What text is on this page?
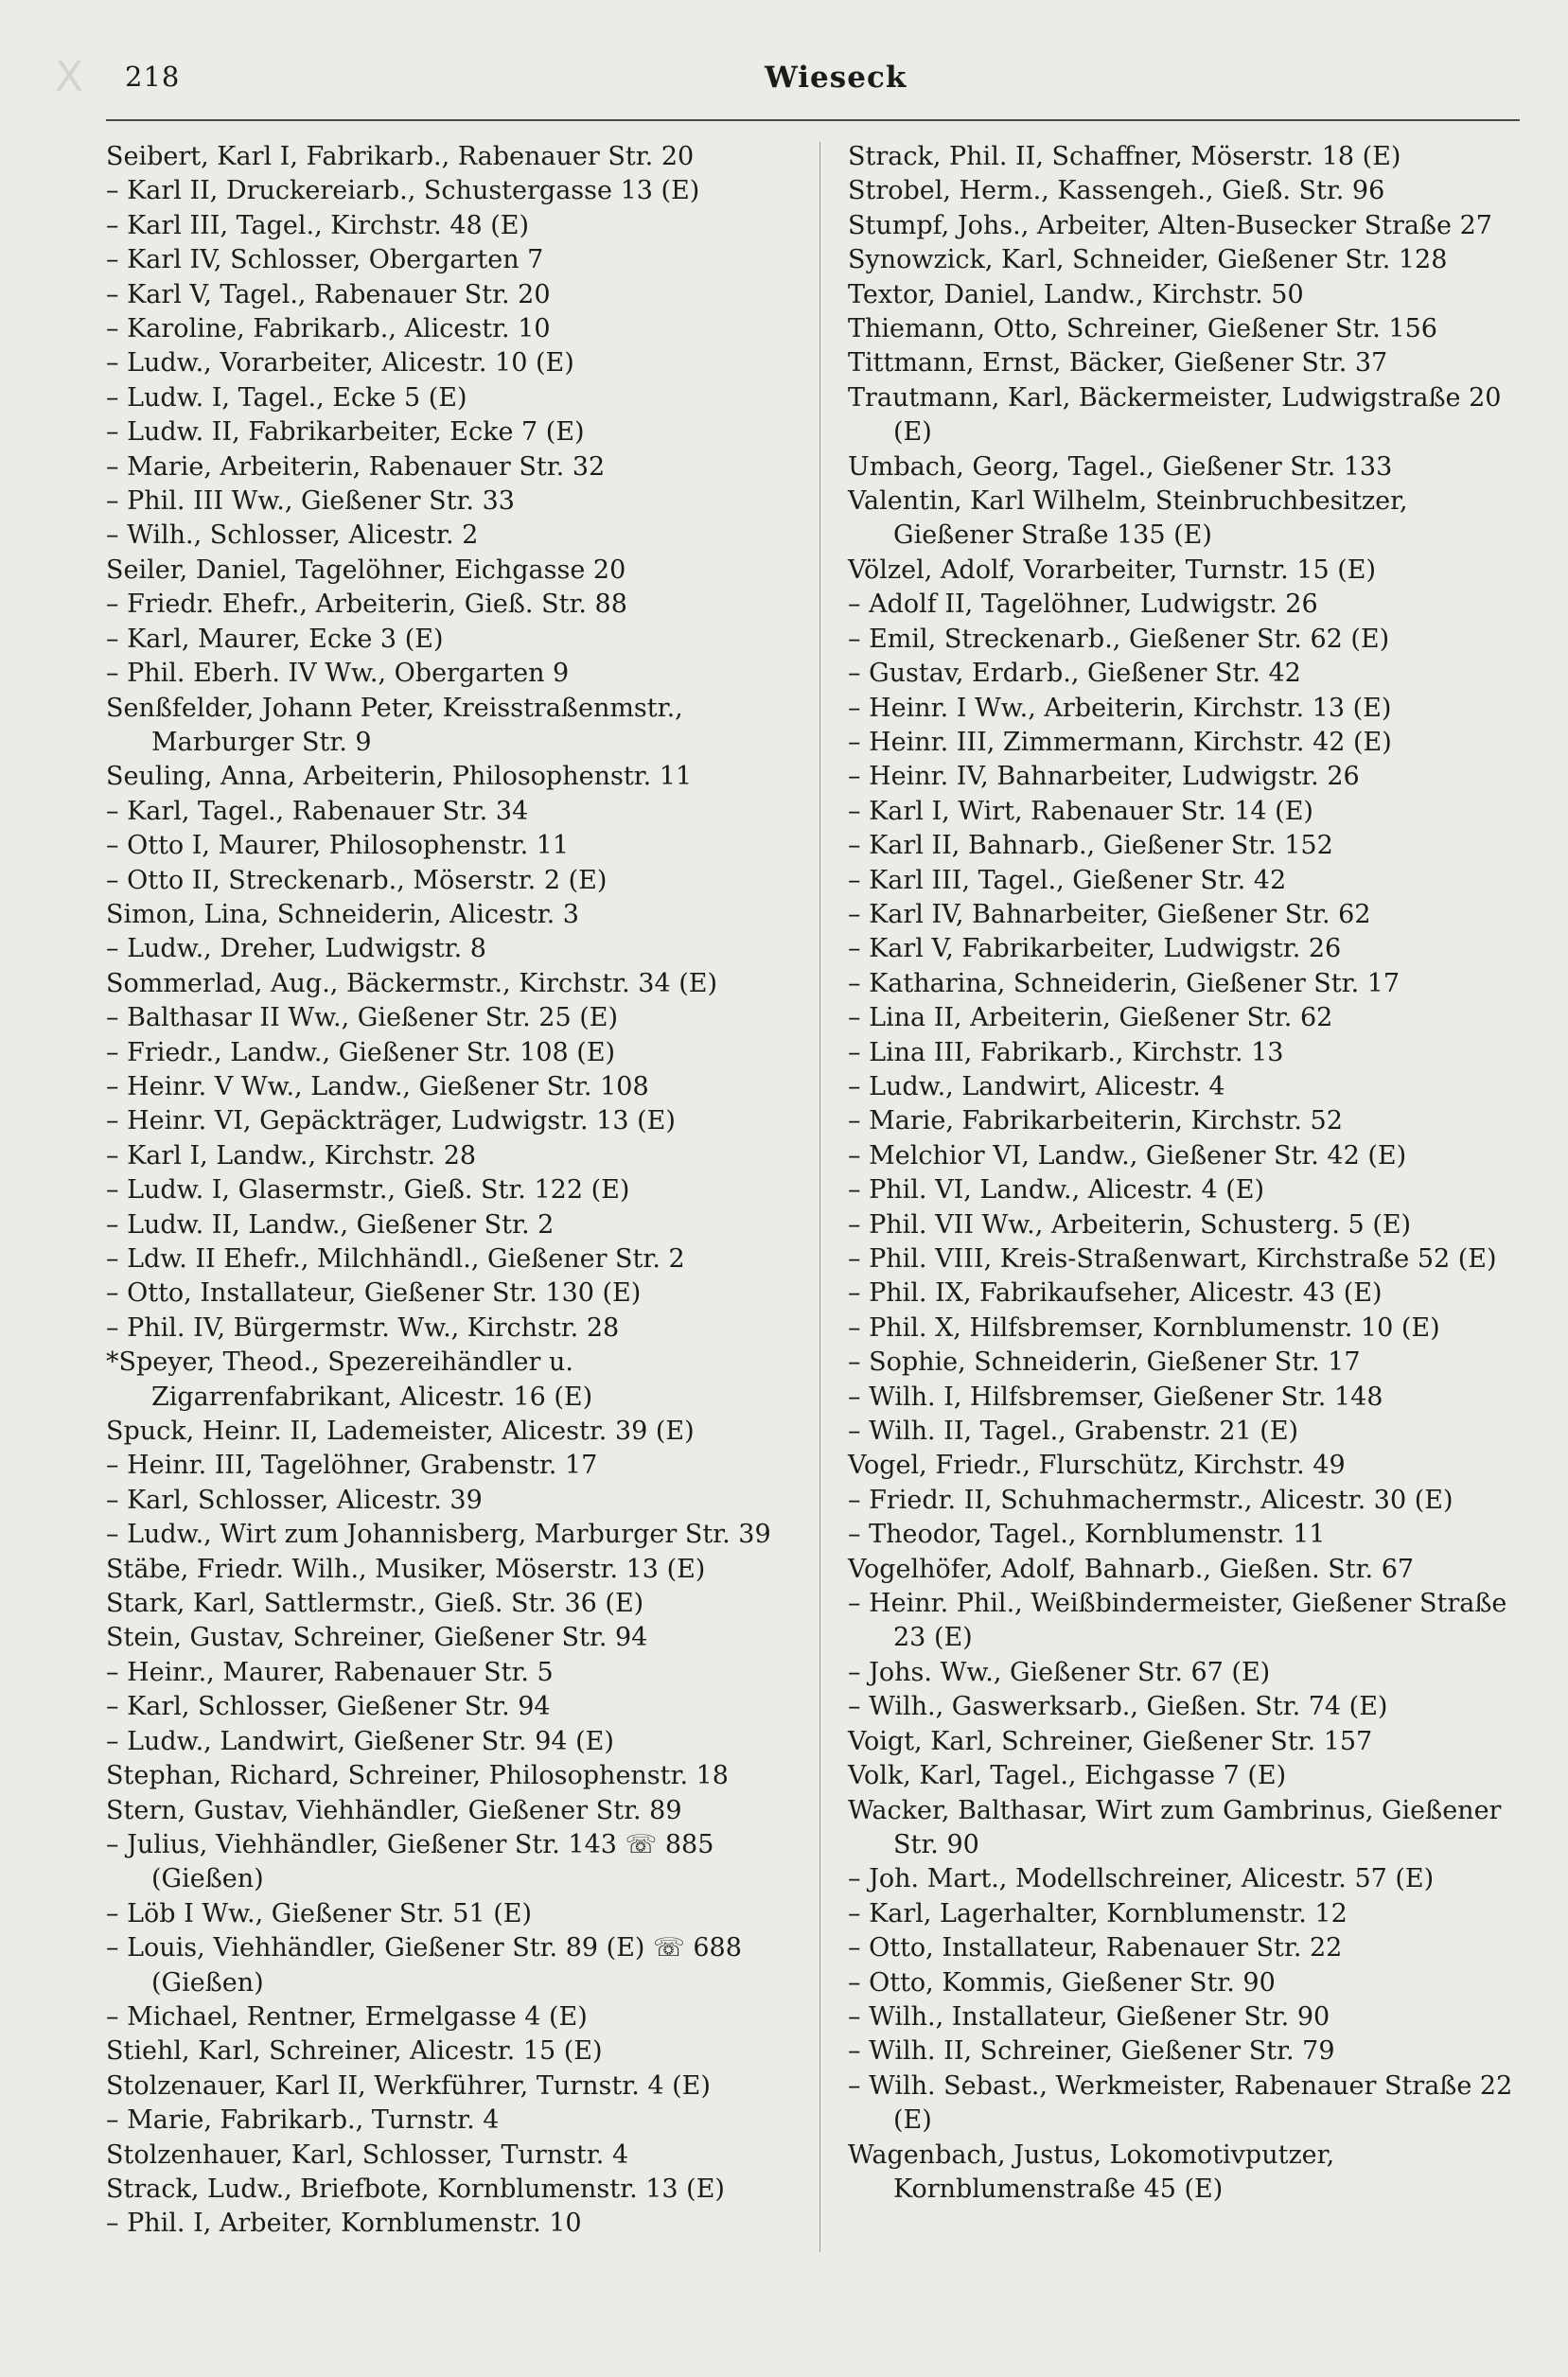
X 218	Wieseck
Seibert, Karl I, Fabrikarb., Rabenauer Str. 20
– Karl II, Druckereiarb., Schustergasse 13 (E)
– Karl III, Tagel., Kirchstr. 48 (E)
– Karl IV, Schlosser, Obergarten 7
– Karl V, Tagel., Rabenauer Str. 20
– Karoline, Fabrikarb., Alicestr. 10
– Ludw., Vorarbeiter, Alicestr. 10 (E)
– Ludw. I, Tagel., Ecke 5 (E)
– Ludw. II, Fabrikarbeiter, Ecke 7 (E)
– Marie, Arbeiterin, Rabenauer Str. 32
– Phil. III Ww., Gießener Str. 33
– Wilh., Schlosser, Alicestr. 2
Seiler, Daniel, Tagelöhner, Eichgasse 20
– Friedr. Ehefr., Arbeiterin, Gieß. Str. 88
– Karl, Maurer, Ecke 3 (E)
– Phil. Eberh. IV Ww., Obergarten 9
Senßfelder, Johann Peter, Kreisstraßenmstr., Marburger Str. 9
Seuling, Anna, Arbeiterin, Philosophenstr. 11
– Karl, Tagel., Rabenauer Str. 34
– Otto I, Maurer, Philosophenstr. 11
– Otto II, Streckenarb., Möserstr. 2 (E)
Simon, Lina, Schneiderin, Alicestr. 3
– Ludw., Dreher, Ludwigstr. 8
Sommerlad, Aug., Bäckermstr., Kirchstr. 34 (E)
– Balthasar II Ww., Gießener Str. 25 (E)
– Friedr., Landw., Gießener Str. 108 (E)
– Heinr. V Ww., Landw., Gießener Str. 108
– Heinr. VI, Gepäckträger, Ludwigstr. 13 (E)
– Karl I, Landw., Kirchstr. 28
– Ludw. I, Glasermstr., Gieß. Str. 122 (E)
– Ludw. II, Landw., Gießener Str. 2
– Ldw. II Ehefr., Milchhändl., Gießener Str. 2
– Otto, Installateur, Gießener Str. 130 (E)
– Phil. IV, Bürgermstr. Ww., Kirchstr. 28
*Speyer, Theod., Spezereihändler u. Zigarrenfabrikant, Alicestr. 16 (E)
Spuck, Heinr. II, Lademeister, Alicestr. 39 (E)
– Heinr. III, Tagelöhner, Grabenstr. 17
– Karl, Schlosser, Alicestr. 39
– Ludw., Wirt zum Johannisberg, Marburger Str. 39
Stäbe, Friedr. Wilh., Musiker, Möserstr. 13 (E)
Stark, Karl, Sattlermstr., Gieß. Str. 36 (E)
Stein, Gustav, Schreiner, Gießener Str. 94
– Heinr., Maurer, Rabenauer Str. 5
– Karl, Schlosser, Gießener Str. 94
– Ludw., Landwirt, Gießener Str. 94 (E)
Stephan, Richard, Schreiner, Philosophenstr. 18
Stern, Gustav, Viehhändler, Gießener Str. 89
– Julius, Viehhändler, Gießener Str. 143 ☏ 885 (Gießen)
– Löb I Ww., Gießener Str. 51 (E)
– Louis, Viehhändler, Gießener Str. 89 (E) ☏ 688 (Gießen)
– Michael, Rentner, Ermelgasse 4 (E)
Stiehl, Karl, Schreiner, Alicestr. 15 (E)
Stolzenauer, Karl II, Werkführer, Turnstr. 4 (E)
– Marie, Fabrikarb., Turnstr. 4
Stolzenhauer, Karl, Schlosser, Turnstr. 4
Strack, Ludw., Briefbote, Kornblumenstr. 13 (E)
– Phil. I, Arbeiter, Kornblumenstr. 10
Strack, Phil. II, Schaffner, Möserstr. 18 (E)
Strobel, Herm., Kassengeh., Gieß. Str. 96
Stumpf, Johs., Arbeiter, Alten-Busecker Straße 27
Synowzick, Karl, Schneider, Gießener Str. 128
Textor, Daniel, Landw., Kirchstr. 50
Thiemann, Otto, Schreiner, Gießener Str. 156
Tittmann, Ernst, Bäcker, Gießener Str. 37
Trautmann, Karl, Bäckermeister, Ludwigstraße 20 (E)
Umbach, Georg, Tagel., Gießener Str. 133
Valentin, Karl Wilhelm, Steinbruchbesitzer, Gießener Straße 135 (E)
Völzel, Adolf, Vorarbeiter, Turnstr. 15 (E)
– Adolf II, Tagelöhner, Ludwigstr. 26
– Emil, Streckenarb., Gießener Str. 62 (E)
– Gustav, Erdarb., Gießener Str. 42
– Heinr. I Ww., Arbeiterin, Kirchstr. 13 (E)
– Heinr. III, Zimmermann, Kirchstr. 42 (E)
– Heinr. IV, Bahnarbeiter, Ludwigstr. 26
– Karl I, Wirt, Rabenauer Str. 14 (E)
– Karl II, Bahnarb., Gießener Str. 152
– Karl III, Tagel., Gießener Str. 42
– Karl IV, Bahnarbeiter, Gießener Str. 62
– Karl V, Fabrikarbeiter, Ludwigstr. 26
– Katharina, Schneiderin, Gießener Str. 17
– Lina II, Arbeiterin, Gießener Str. 62
– Lina III, Fabrikarb., Kirchstr. 13
– Ludw., Landwirt, Alicestr. 4
– Marie, Fabrikarbeiterin, Kirchstr. 52
– Melchior VI, Landw., Gießener Str. 42 (E)
– Phil. VI, Landw., Alicestr. 4 (E)
– Phil. VII Ww., Arbeiterin, Schusterg. 5 (E)
– Phil. VIII, Kreis-Straßenwart, Kirchstraße 52 (E)
– Phil. IX, Fabrikaufseher, Alicestr. 43 (E)
– Phil. X, Hilfsbremser, Kornblumenstr. 10 (E)
– Sophie, Schneiderin, Gießener Str. 17
– Wilh. I, Hilfsbremser, Gießener Str. 148
– Wilh. II, Tagel., Grabenstr. 21 (E)
Vogel, Friedr., Flurschütz, Kirchstr. 49
– Friedr. II, Schuhmachermstr., Alicestr. 30 (E)
– Theodor, Tagel., Kornblumenstr. 11
Vogelhöfer, Adolf, Bahnarb., Gießen. Str. 67
– Heinr. Phil., Weißbindermeister, Gießener Straße 23 (E)
– Johs. Ww., Gießener Str. 67 (E)
– Wilh., Gaswerksarb., Gießen. Str. 74 (E)
Voigt, Karl, Schreiner, Gießener Str. 157
Volk, Karl, Tagel., Eichgasse 7 (E)
Wacker, Balthasar, Wirt zum Gambrinus, Gießener Str. 90
– Joh. Mart., Modellschreiner, Alicestr. 57 (E)
– Karl, Lagerhalter, Kornblumenstr. 12
– Otto, Installateur, Rabenauer Str. 22
– Otto, Kommis, Gießener Str. 90
– Wilh., Installateur, Gießener Str. 90
– Wilh. II, Schreiner, Gießener Str. 79
– Wilh. Sebast., Werkmeister, Rabenauer Straße 22 (E)
Wagenbach, Justus, Lokomotivputzer, Kornblumenstraße 45 (E)
